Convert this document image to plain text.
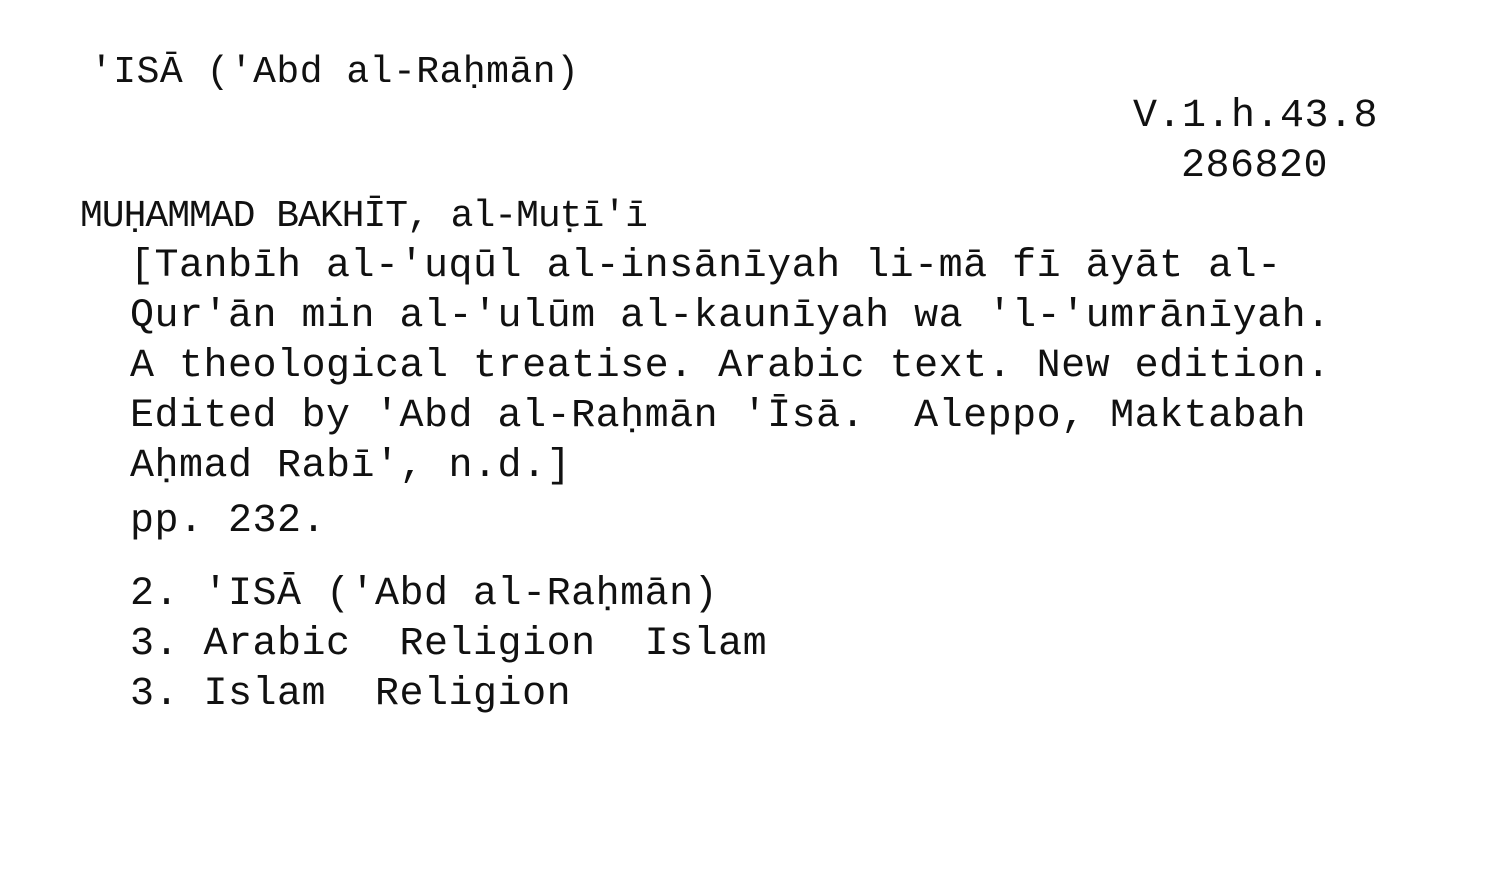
'ISĀ ('Abd al-Raḥmān)
V.1.h.43.8
286820
MUḤAMMAD BAKHĪT, al-Muṭī'ī
[Tanbīh al-'uqūl al-insānīyah li-mā fī āyāt al-
Qur'ān min al-'ulūm al-kaunīyah wa 'l-'umrānīyah.
A theological treatise. Arabic text. New edition.
Edited by 'Abd al-Raḥmān 'Īsā.  Aleppo, Maktabah
Aḥmad Rabī', n.d.]
pp. 232.
2. 'ISĀ ('Abd al-Raḥmān)
3. Arabic  Religion  Islam
3. Islam  Religion
